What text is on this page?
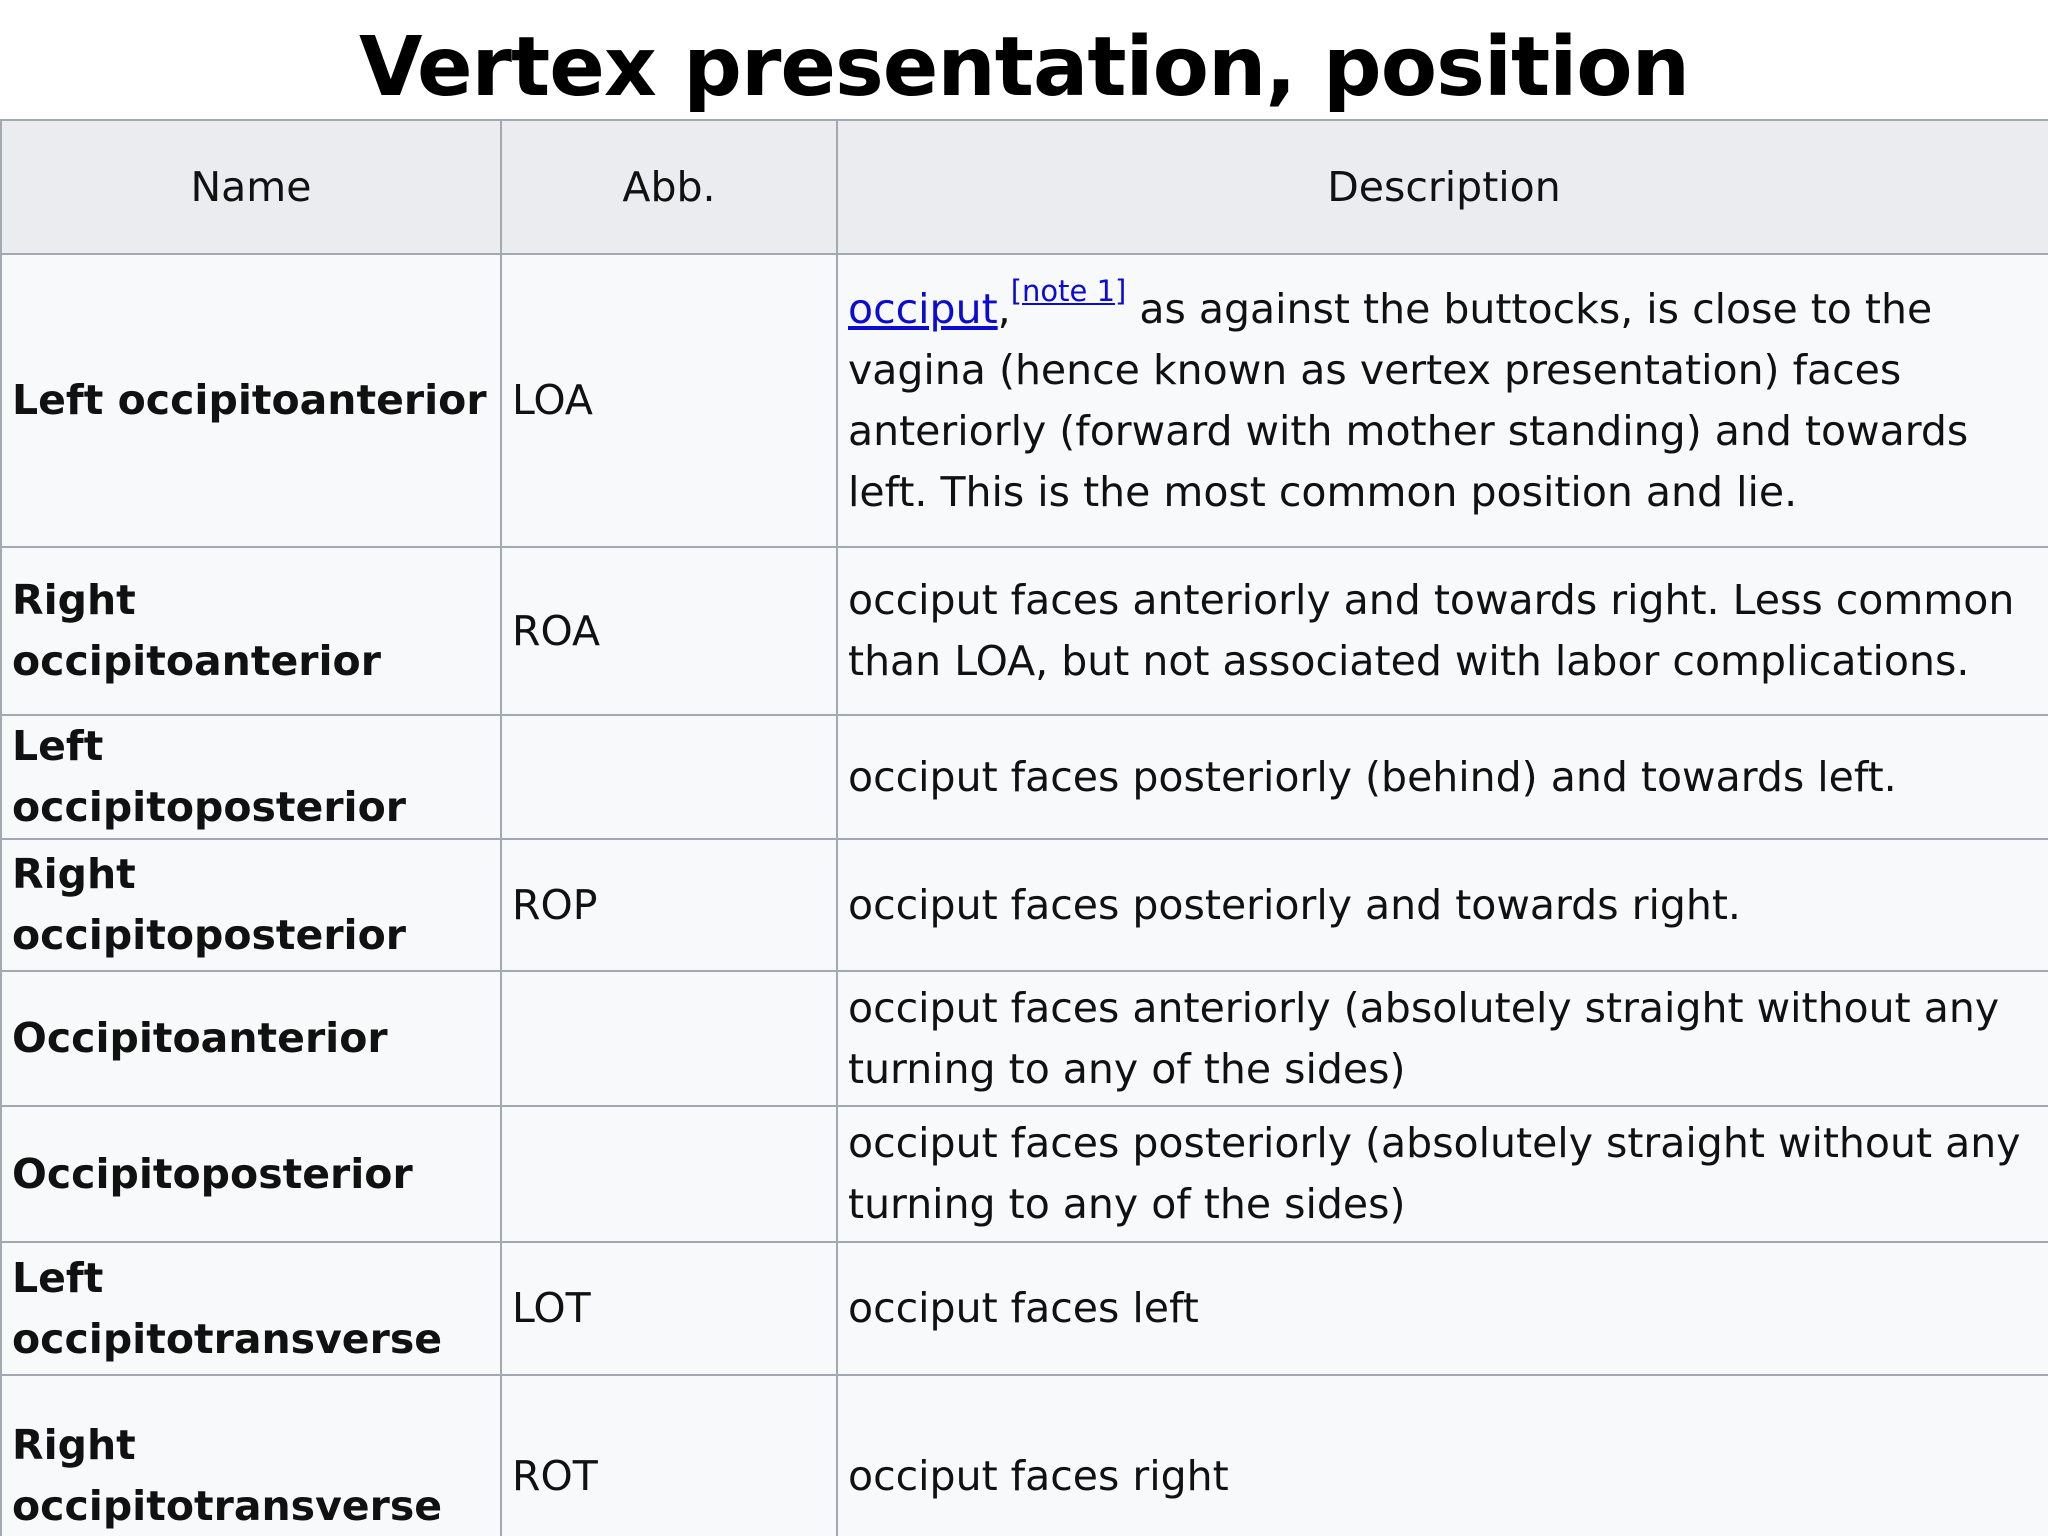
Vertex presentation, position
Name	Abb.	Description
Left occipitoanterior	LOA	occiput,[note 1] as against the buttocks, is close to the vagina (hence known as vertex presentation) faces anteriorly (forward with mother standing) and towards left. This is the most common position and lie.
Right occipitoanterior	ROA	occiput faces anteriorly and towards right. Less common than LOA, but not associated with labor complications.
Left occipitoposterior		occiput faces posteriorly (behind) and towards left.
Right occipitoposterior	ROP	occiput faces posteriorly and towards right.
Occipitoanterior		occiput faces anteriorly (absolutely straight without any turning to any of the sides)
Occipitoposterior		occiput faces posteriorly (absolutely straight without any turning to any of the sides)
Left occipitotransverse	LOT	occiput faces left
Right occipitotransverse	ROT	occiput faces right
